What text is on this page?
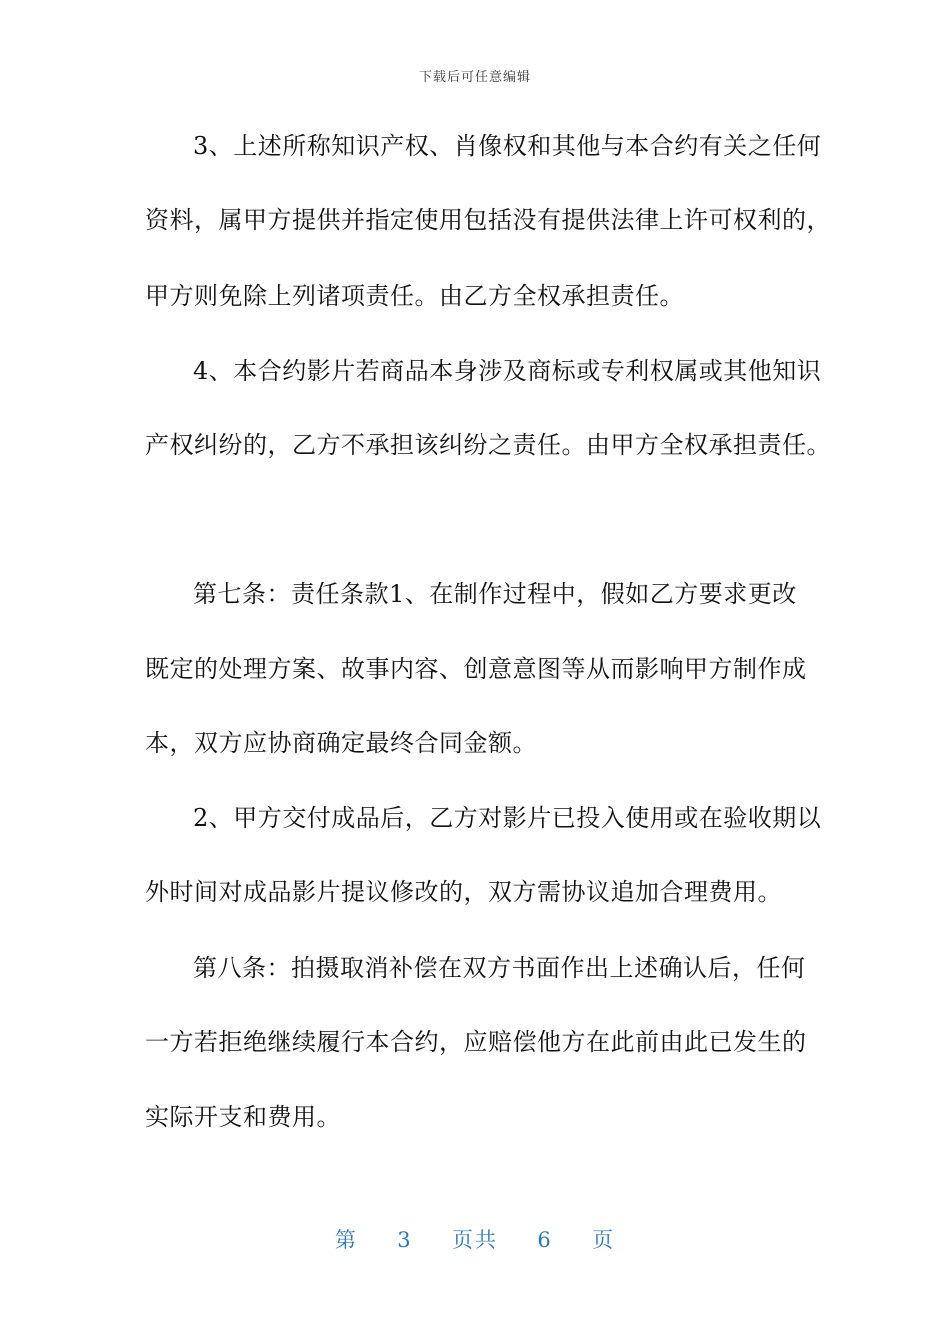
下载后可任意编辑
3、上述所称知识产权、肖像权和其他与本合约有关之任何
资料，属甲方提供并指定使用包括没有提供法律上许可权利的，
甲方则免除上列诸项责任。由乙方全权承担责任。
4、本合约影片若商品本身涉及商标或专利权属或其他知识
产权纠纷的，乙方不承担该纠纷之责任。由甲方全权承担责任。
第七条：责任条款1、在制作过程中，假如乙方要求更改
既定的处理方案、故事内容、创意意图等从而影响甲方制作成
本，双方应协商确定最终合同金额。
2、甲方交付成品后，乙方对影片已投入使用或在验收期以
外时间对成品影片提议修改的，双方需协议追加合理费用。
第八条：拍摄取消补偿在双方书面作出上述确认后，任何
一方若拒绝继续履行本合约，应赔偿他方在此前由此已发生的
实际开支和费用。
第 3 页共 6 页
